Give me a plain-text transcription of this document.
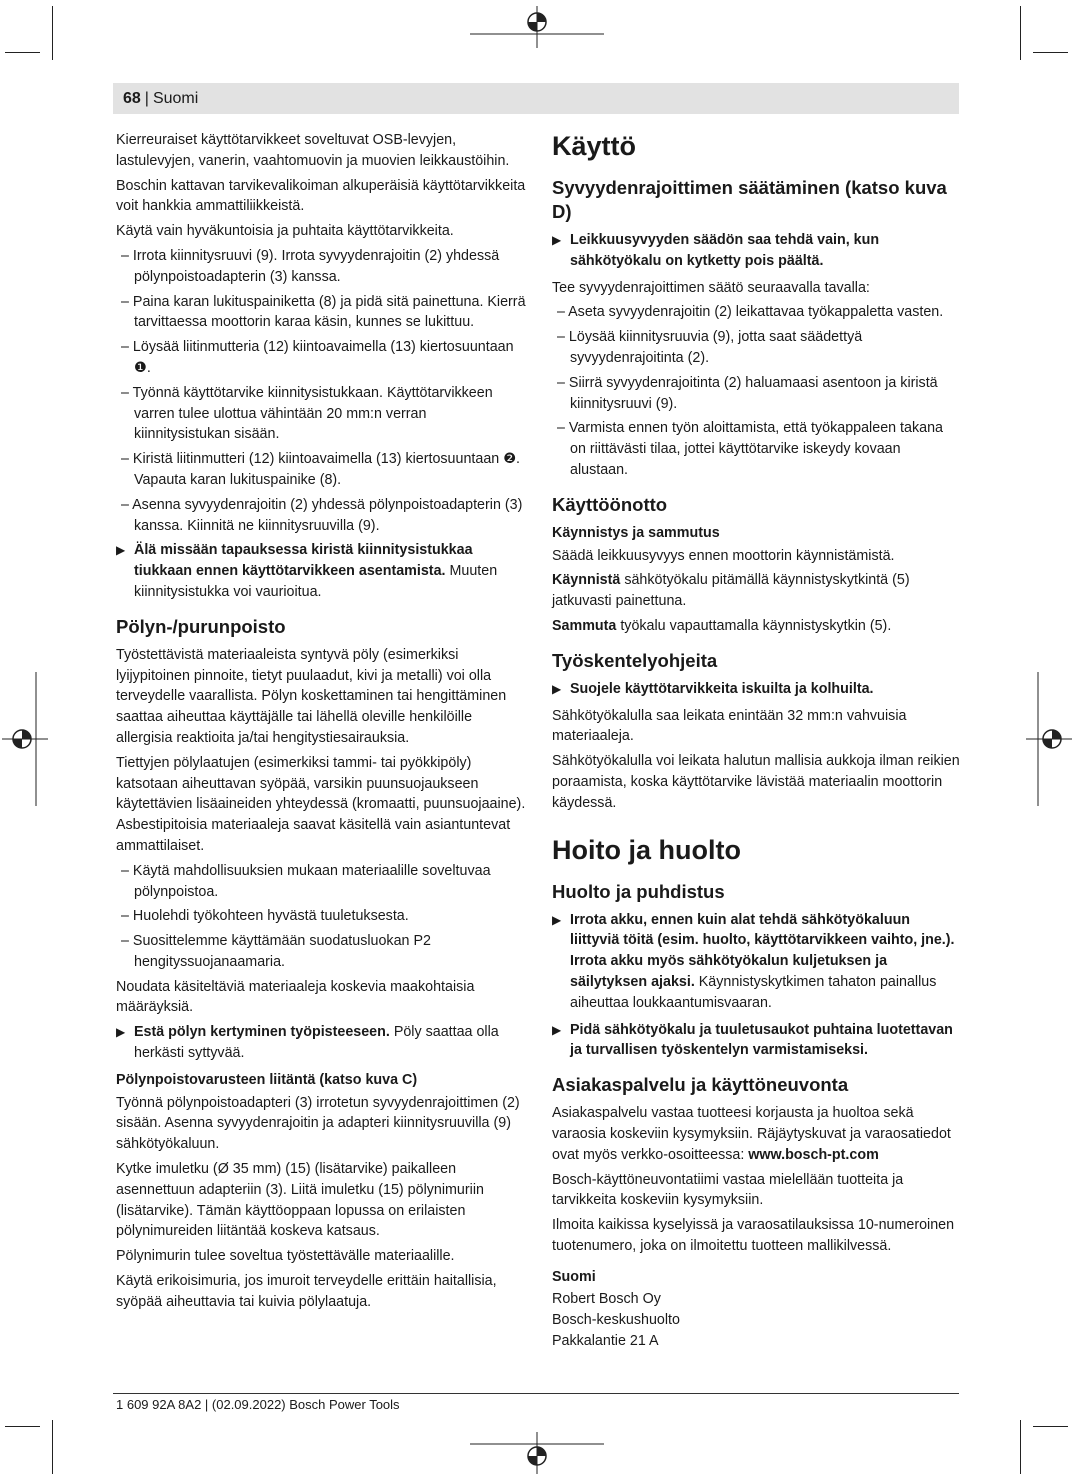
68 | Suomi

Kierreuraiset käyttötarvikkeet soveltuvat OSB-levyjen, lastulevyjen, vanerin, vaahtomuovin ja muovien leikkaustöihin.

Boschin kattavan tarvikevalikoiman alkuperäisiä käyttötarvikkeita voit hankkia ammattiliikkeistä.

Käytä vain hyväkuntoisia ja puhtaita käyttötarvikkeita.

– Irrota kiinnitysruuvi (9). Irrota syvyydenrajoitin (2) yhdessä pölynpoistoadapterin (3) kanssa.

– Paina karan lukituspainiketta (8) ja pidä sitä painettuna. Kierrä tarvittaessa moottorin karaa käsin, kunnes se lukittuu.

– Löysää liitinmutteria (12) kiintoavaimella (13) kiertosuuntaan ❶.

– Työnnä käyttötarvike kiinnitysistukkaan. Käyttötarvikkeen varren tulee ulottua vähintään 20 mm:n verran kiinnitysistukan sisään.

– Kiristä liitinmutteri (12) kiintoavaimella (13) kiertosuuntaan ❷. Vapauta karan lukituspainike (8).

– Asenna syvyydenrajoitin (2) yhdessä pölynpoistoadapterin (3) kanssa. Kiinnitä ne kiinnitysruuvilla (9).

▶ Älä missään tapauksessa kiristä kiinnitysistukkaa tiukkaan ennen käyttötarvikkeen asentamista. Muuten kiinnitysistukka voi vaurioitua.
Pölyn-/purunpoisto

Työstettävistä materiaaleista syntyvä pöly (esimerkiksi lyijypitoinen pinnoite, tietyt puulaadut, kivi ja metalli) voi olla terveydelle vaarallista. Pölyn koskettaminen tai hengittäminen saattaa aiheuttaa käyttäjälle tai lähellä oleville henkilöille allergisia reaktioita ja/tai hengitystiesairauksia.

Tiettyjen pölylaatujen (esimerkiksi tammi- tai pyökkipöly) katsotaan aiheuttavan syöpää, varsikin puunsuojaukseen käytettävien lisäaineiden yhteydessä (kromaatti, puunsuojaaine). Asbestipitoisia materiaaleja saavat käsitellä vain asiantuntevat ammattilaiset.

– Käytä mahdollisuuksien mukaan materiaalille soveltuvaa pölynpoistoa.

– Huolehdi työkohteen hyvästä tuuletuksesta.

– Suosittelemme käyttämään suodatusluokan P2 hengityssuojanaamaria.

Noudata käsiteltäviä materiaaleja koskevia maakohtaisia määräyksiä.

▶ Estä pölyn kertyminen työpisteeseen. Pöly saattaa olla herkästi syttyvää.
Pölynpoistovarusteen liitäntä (katso kuva C)

Työnnä pölynpoistoadapteri (3) irrotetun syvyydenrajoittimen (2) sisään. Asenna syvyydenrajoitin ja adapteri kiinnitysruuvilla (9) sähkötyökaluun.

Kytke imuletku (Ø 35 mm) (15) (lisätarvike) paikalleen asennettuun adapteriin (3). Liitä imuletku (15) pölynimuriin (lisätarvike). Tämän käyttöoppaan lopussa on erilaisten pölynimureiden liitäntää koskeva katsaus.

Pölynimurin tulee soveltua työstettävälle materiaalille.

Käytä erikoisimuria, jos imuroit terveydelle erittäin haitallisia, syöpää aiheuttavia tai kuivia pölylaatuja.

Käyttö
Syvyydenrajoittimen säätäminen (katso kuva D)
▶ Leikkuusyvyyden säädön saa tehdä vain, kun sähkötyökalu on kytketty pois päältä.

Tee syvyydenrajoittimen säätö seuraavalla tavalla:

– Aseta syvyydenrajoitin (2) leikattavaa työkappaletta vasten.

– Löysää kiinnitysruuvia (9), jotta saat säädettyä syvyydenrajoitinta (2).

– Siirrä syvyydenrajoitinta (2) haluamaasi asentoon ja kiristä kiinnitysruuvi (9).

– Varmista ennen työn aloittamista, että työkappaleen takana on riittävästi tilaa, jottei käyttötarvike iskeydy kovaan alustaan.

Käyttöönotto
Käynnistys ja sammutus

Säädä leikkuusyvyys ennen moottorin käynnistämistä.

Käynnistä sähkötyökalu pitämällä käynnistyskytkintä (5) jatkuvasti painettuna.

Sammuta työkalu vapauttamalla käynnistyskytkin (5).

Työskentelyohjeita
▶ Suojele käyttötarvikkeita iskuilta ja kolhuilta.

Sähkötyökalulla saa leikata enintään 32 mm:n vahvuisia materiaaleja.

Sähkötyökalulla voi leikata halutun mallisia aukkoja ilman reikien poraamista, koska käyttötarvike lävistää materiaalin moottorin käydessä.

Hoito ja huolto
Huolto ja puhdistus
▶ Irrota akku, ennen kuin alat tehdä sähkötyökaluun liittyviä töitä (esim. huolto, käyttötarvikkeen vaihto, jne.). Irrota akku myös sähkötyökalun kuljetuksen ja säilytyksen ajaksi. Käynnistyskytkimen tahaton painallus aiheuttaa loukkaantumisvaaran.
▶ Pidä sähkötyökalu ja tuuletusaukot puhtaina luotettavan ja turvallisen työskentelyn varmistamiseksi.
Asiakaspalvelu ja käyttöneuvonta

Asiakaspalvelu vastaa tuotteesi korjausta ja huoltoa sekä varaosia koskeviin kysymyksiin. Räjäytyskuvat ja varaosatiedot ovat myös verkko-osoitteessa: www.bosch-pt.com

Bosch-käyttöneuvontatiimi vastaa mielellään tuotteita ja tarvikkeita koskeviin kysymyksiin.

Ilmoita kaikissa kyselyissä ja varaosatilauksissa 10-numeroinen tuotenumero, joka on ilmoitettu tuotteen mallikilvessä.

Suomi
Robert Bosch Oy
Bosch-keskushuolto
Pakkalantie 21 A
1 609 92A 8A2 | (02.09.2022) Bosch Power Tools
